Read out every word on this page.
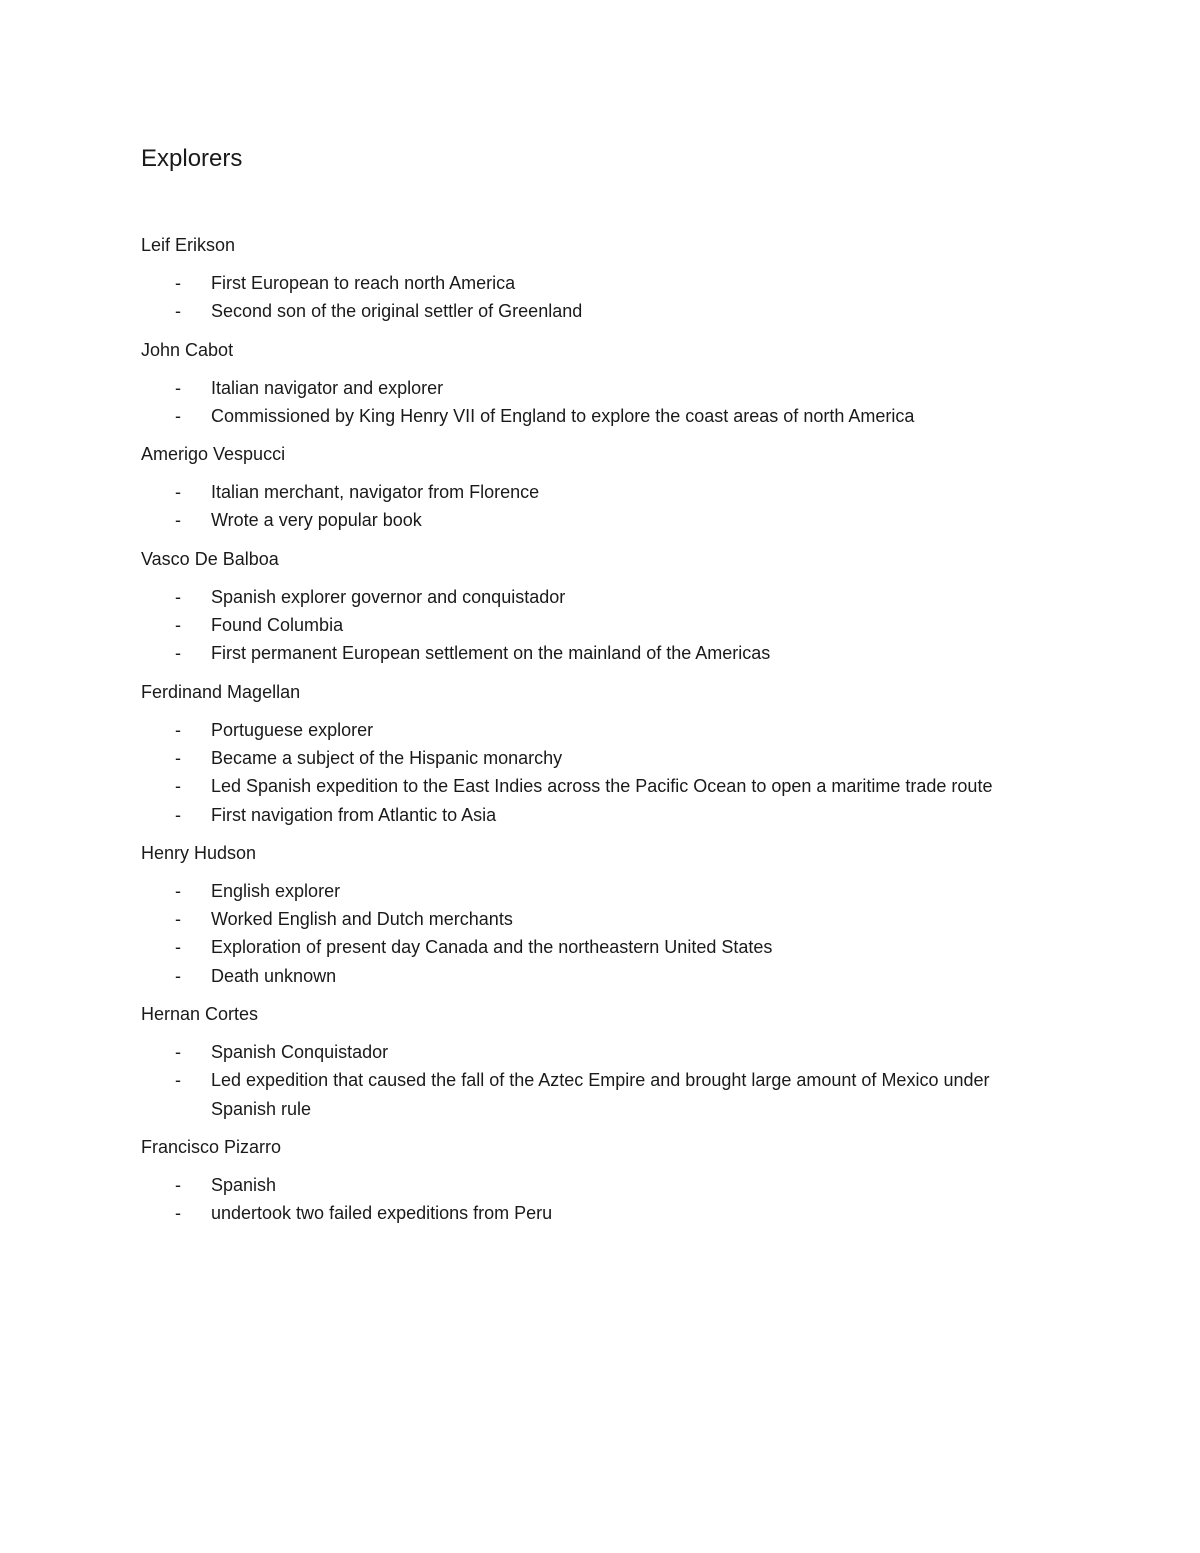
Explorers
Leif Erikson
- First European to reach north America
- Second son of the original settler of Greenland
John Cabot
- Italian navigator and explorer
- Commissioned by King Henry VII of England to explore the coast areas of north America
Amerigo Vespucci
- Italian merchant, navigator from Florence
- Wrote a very popular book
Vasco De Balboa
- Spanish explorer governor and conquistador
- Found Columbia
- First permanent European settlement on the mainland of the Americas
Ferdinand Magellan
- Portuguese explorer
- Became a subject of the Hispanic monarchy
- Led Spanish expedition to the East Indies across the Pacific Ocean to open a maritime trade route
- First navigation from Atlantic to Asia
Henry Hudson
- English explorer
- Worked English and Dutch merchants
- Exploration of present day Canada and the northeastern United States
- Death unknown
Hernan Cortes
- Spanish Conquistador
- Led expedition that caused the fall of the Aztec Empire and brought large amount of Mexico under Spanish rule
Francisco Pizarro
- Spanish
- undertook two failed expeditions from Peru
